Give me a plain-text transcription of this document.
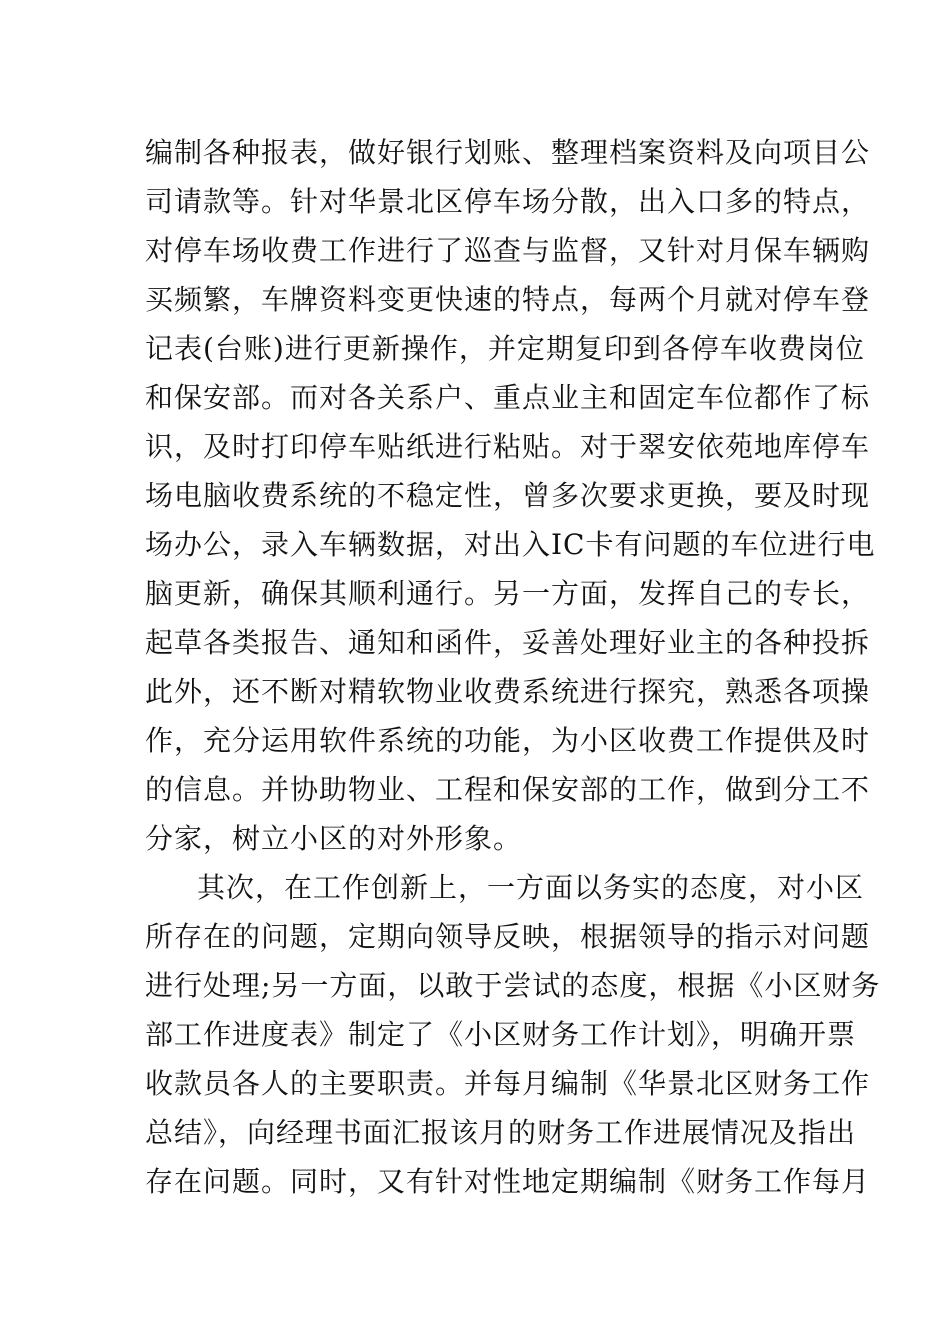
编制各种报表，做好银行划账、整理档案资料及向项目公
司请款等。针对华景北区停车场分散，出入口多的特点，
对停车场收费工作进行了巡查与监督，又针对月保车辆购
买频繁，车牌资料变更快速的特点，每两个月就对停车登
记表(台账)进行更新操作，并定期复印到各停车收费岗位
和保安部。而对各关系户、重点业主和固定车位都作了标
识，及时打印停车贴纸进行粘贴。对于翠安依苑地库停车
场电脑收费系统的不稳定性，曾多次要求更换，要及时现
场办公，录入车辆数据，对出入IC卡有问题的车位进行电
脑更新，确保其顺利通行。另一方面，发挥自己的专长，
起草各类报告、通知和函件，妥善处理好业主的各种投拆
此外，还不断对精软物业收费系统进行探究，熟悉各项操
作，充分运用软件系统的功能，为小区收费工作提供及时
的信息。并协助物业、工程和保安部的工作，做到分工不
分家，树立小区的对外形象。
其次，在工作创新上，一方面以务实的态度，对小区
所存在的问题，定期向领导反映，根据领导的指示对问题
进行处理;另一方面，以敢于尝试的态度，根据《小区财务
部工作进度表》制定了《小区财务工作计划》，明确开票
收款员各人的主要职责。并每月编制《华景北区财务工作
总结》，向经理书面汇报该月的财务工作进展情况及指出
存在问题。同时，又有针对性地定期编制《财务工作每月
